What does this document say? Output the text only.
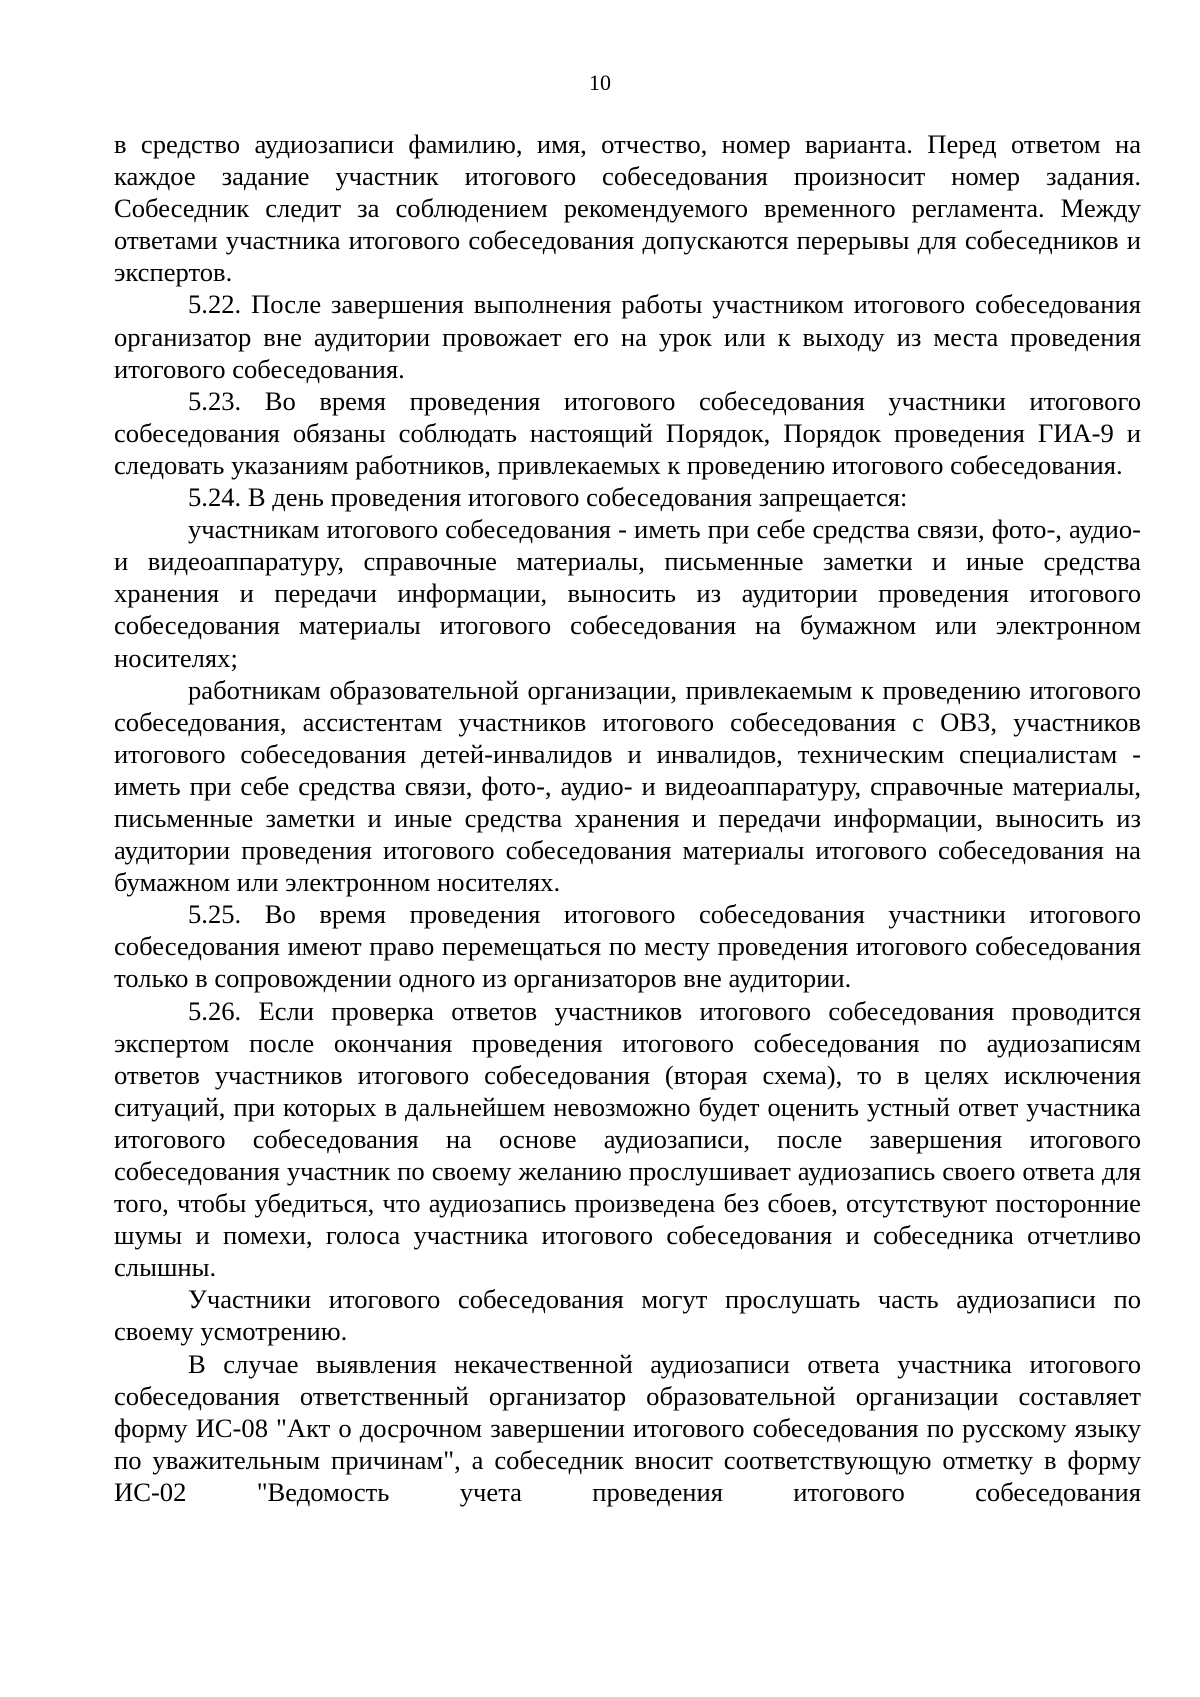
10

в средство аудиозаписи фамилию, имя, отчество, номер варианта. Перед ответом на каждое задание участник итогового собеседования произносит номер задания. Собеседник следит за соблюдением рекомендуемого временного регламента. Между ответами участника итогового собеседования допускаются перерывы для собеседников и экспертов.

5.22. После завершения выполнения работы участником итогового собеседования организатор вне аудитории провожает его на урок или к выходу из места проведения итогового собеседования.

5.23. Во время проведения итогового собеседования участники итогового собеседования обязаны соблюдать настоящий Порядок, Порядок проведения ГИА-9 и следовать указаниям работников, привлекаемых к проведению итогового собеседования.

5.24. В день проведения итогового собеседования запрещается:

участникам итогового собеседования - иметь при себе средства связи, фото-, аудио- и видеоаппаратуру, справочные материалы, письменные заметки и иные средства хранения и передачи информации, выносить из аудитории проведения итогового собеседования материалы итогового собеседования на бумажном или электронном носителях;

работникам образовательной организации, привлекаемым к проведению итогового собеседования, ассистентам участников итогового собеседования с ОВЗ, участников итогового собеседования детей-инвалидов и инвалидов, техническим специалистам - иметь при себе средства связи, фото-, аудио- и видеоаппаратуру, справочные материалы, письменные заметки и иные средства хранения и передачи информации, выносить из аудитории проведения итогового собеседования материалы итогового собеседования на бумажном или электронном носителях.

5.25. Во время проведения итогового собеседования участники итогового собеседования имеют право перемещаться по месту проведения итогового собеседования только в сопровождении одного из организаторов вне аудитории.

5.26. Если проверка ответов участников итогового собеседования проводится экспертом после окончания проведения итогового собеседования по аудиозаписям ответов участников итогового собеседования (вторая схема), то в целях исключения ситуаций, при которых в дальнейшем невозможно будет оценить устный ответ участника итогового собеседования на основе аудиозаписи, после завершения итогового собеседования участник по своему желанию прослушивает аудиозапись своего ответа для того, чтобы убедиться, что аудиозапись произведена без сбоев, отсутствуют посторонние шумы и помехи, голоса участника итогового собеседования и собеседника отчетливо слышны.

Участники итогового собеседования могут прослушать часть аудиозаписи по своему усмотрению.

В случае выявления некачественной аудиозаписи ответа участника итогового собеседования ответственный организатор образовательной организации составляет форму ИС-08 "Акт о досрочном завершении итогового собеседования по русскому языку по уважительным причинам", а собеседник вносит соответствующую отметку в форму ИС-02 "Ведомость учета проведения итогового собеседования
